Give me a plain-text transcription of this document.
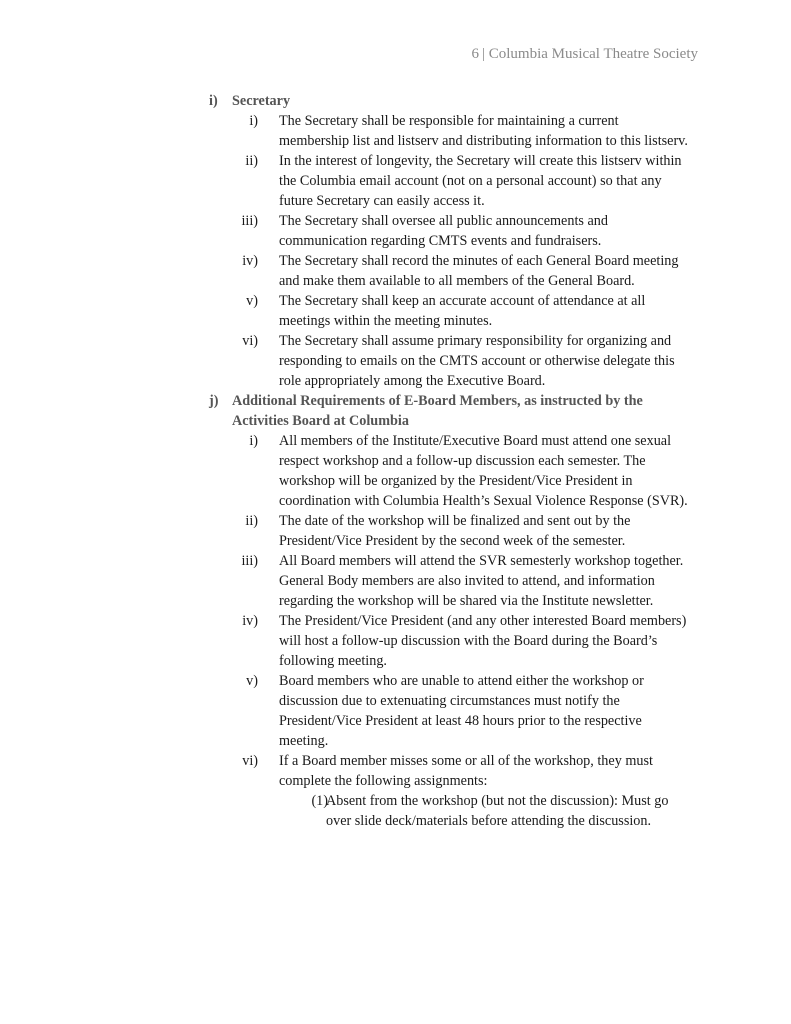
6 | Columbia Musical Theatre Society
i) Secretary
i) The Secretary shall be responsible for maintaining a current membership list and listserv and distributing information to this listserv.
ii) In the interest of longevity, the Secretary will create this listserv within the Columbia email account (not on a personal account) so that any future Secretary can easily access it.
iii) The Secretary shall oversee all public announcements and communication regarding CMTS events and fundraisers.
iv) The Secretary shall record the minutes of each General Board meeting and make them available to all members of the General Board.
v) The Secretary shall keep an accurate account of attendance at all meetings within the meeting minutes.
vi) The Secretary shall assume primary responsibility for organizing and responding to emails on the CMTS account or otherwise delegate this role appropriately among the Executive Board.
j) Additional Requirements of E-Board Members, as instructed by the Activities Board at Columbia
i) All members of the Institute/Executive Board must attend one sexual respect workshop and a follow-up discussion each semester. The workshop will be organized by the President/Vice President in coordination with Columbia Health’s Sexual Violence Response (SVR).
ii) The date of the workshop will be finalized and sent out by the President/Vice President by the second week of the semester.
iii) All Board members will attend the SVR semesterly workshop together. General Body members are also invited to attend, and information regarding the workshop will be shared via the Institute newsletter.
iv) The President/Vice President (and any other interested Board members) will host a follow-up discussion with the Board during the Board’s following meeting.
v) Board members who are unable to attend either the workshop or discussion due to extenuating circumstances must notify the President/Vice President at least 48 hours prior to the respective meeting.
vi) If a Board member misses some or all of the workshop, they must complete the following assignments:
(1)
Absent from the workshop (but not the discussion): Must go over slide deck/materials before attending the discussion.
